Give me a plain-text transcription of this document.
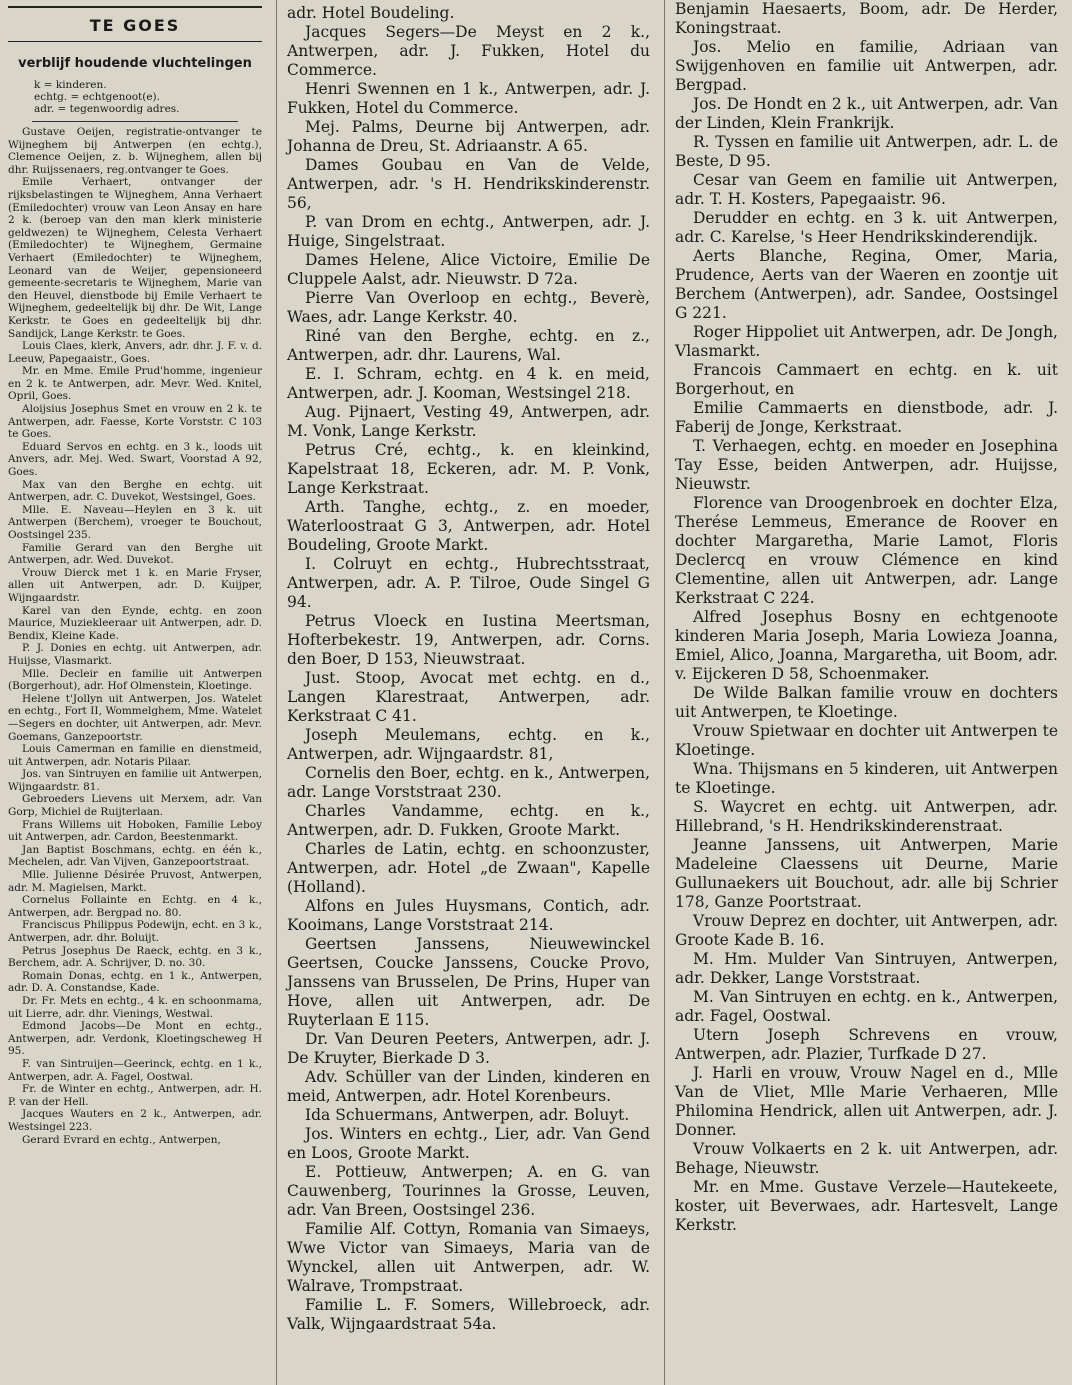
TE GOES
verblijf houdende vluchtelingen

k = kinderen.

echtg. = echtgenoot(e).

adr. = tegenwoordig adres.

Gustave Oeijen, registratie-ontvanger te Wijneghem bij Antwerpen (en echtg.), Clemence Oeijen, z. b. Wijneghem, allen bij dhr. Ruijssenaers, reg.ontvanger te Goes.

Emile Verhaert, ontvanger der rijksbelastingen te Wijneghem, Anna Verhaert (Emiledochter) vrouw van Leon Ansay en hare 2 k. (beroep van den man klerk ministerie geldwezen) te Wijneghem, Celesta Verhaert (Emiledochter) te Wijneghem, Germaine Verhaert (Emiledochter) te Wijneghem, Leonard van de Weijer, gepensioneerd gemeente-secretaris te Wijneghem, Marie van den Heuvel, dienstbode bij Emile Verhaert te Wijneghem, gedeeltelijk bij dhr. De Wit, Lange Kerkstr. te Goes en gedeeltelijk bij dhr. Sandijck, Lange Kerkstr. te Goes.

Louis Claes, klerk, Anvers, adr. dhr. J. F. v. d. Leeuw, Papegaaistr., Goes.

Mr. en Mme. Emile Prud'homme, ingenieur en 2 k. te Antwerpen, adr. Mevr. Wed. Knitel, Opril, Goes.

Aloijsius Josephus Smet en vrouw en 2 k. te Antwerpen, adr. Faesse, Korte Vorststr. C 103 te Goes.

Eduard Servos en echtg. en 3 k., loods uit Anvers, adr. Mej. Wed. Swart, Voorstad A 92, Goes.

Max van den Berghe en echtg. uit Antwerpen, adr. C. Duvekot, Westsingel, Goes.

Mlle. E. Naveau—Heylen en 3 k. uit Antwerpen (Berchem), vroeger te Bouchout, Oostsingel 235.

Familie Gerard van den Berghe uit Antwerpen, adr. Wed. Duvekot.

Vrouw Dierck met 1 k. en Marie Fryser, allen uit Antwerpen, adr. D. Kuijper, Wijngaardstr.

Karel van den Eynde, echtg. en zoon Maurice, Muziekleeraar uit Antwerpen, adr. D. Bendix, Kleine Kade.

P. J. Donies en echtg. uit Antwerpen, adr. Huijsse, Vlasmarkt.

Mlle. Decleir en familie uit Antwerpen (Borgerhout), adr. Hof Olmenstein, Kloetinge.

Helene t'Jollyn uit Antwerpen, Jos. Watelet en echtg., Fort II, Wommelghem, Mme. Watelet—Segers en dochter, uit Antwerpen, adr. Mevr. Goemans, Ganzepoortstr.

Louis Camerman en familie en dienstmeid, uit Antwerpen, adr. Notaris Pilaar.

Jos. van Sintruyen en familie uit Antwerpen, Wijngaardstr. 81.

Gebroeders Lievens uit Merxem, adr. Van Gorp, Michiel de Ruijterlaan.

Frans Willems uit Hoboken, Familie Leboy uit Antwerpen, adr. Cardon, Beestenmarkt.

Jan Baptist Boschmans, echtg. en één k., Mechelen, adr. Van Vijven, Ganzepoortstraat.

Mlle. Julienne Désirée Pruvost, Antwerpen, adr. M. Magielsen, Markt.

Cornelus Follainte en Echtg. en 4 k., Antwerpen, adr. Bergpad no. 80.

Franciscus Philippus Podewijn, echt. en 3 k., Antwerpen, adr. dhr. Boluijt.

Petrus Josephus De Raeck, echtg. en 3 k., Berchem, adr. A. Schrijver, D. no. 30.

Romain Donas, echtg. en 1 k., Antwerpen, adr. D. A. Constandse, Kade.

Dr. Fr. Mets en echtg., 4 k. en schoonmama, uit Lierre, adr. dhr. Vienings, Westwal.

Edmond Jacobs—De Mont en echtg., Antwerpen, adr. Verdonk, Kloetingscheweg H 95.

F. van Sintruijen—Geerinck, echtg. en 1 k., Antwerpen, adr. A. Fagel, Oostwal.

Fr. de Winter en echtg., Antwerpen, adr. H. P. van der Hell.

Jacques Wauters en 2 k., Antwerpen, adr. Westsingel 223.

Gerard Evrard en echtg., Antwerpen,

adr. Hotel Boudeling.

Jacques Segers—De Meyst en 2 k., Antwerpen, adr. J. Fukken, Hotel du Commerce.

Henri Swennen en 1 k., Antwerpen, adr. J. Fukken, Hotel du Commerce.

Mej. Palms, Deurne bij Antwerpen, adr. Johanna de Dreu, St. Adriaanstr. A 65.

Dames Goubau en Van de Velde, Antwerpen, adr. 's H. Hendrikskinderenstr. 56,

P. van Drom en echtg., Antwerpen, adr. J. Huige, Singelstraat.

Dames Helene, Alice Victoire, Emilie De Cluppele Aalst, adr. Nieuwstr. D 72a.

Pierre Van Overloop en echtg., Beverè, Waes, adr. Lange Kerkstr. 40.

Riné van den Berghe, echtg. en z., Antwerpen, adr. dhr. Laurens, Wal.

E. I. Schram, echtg. en 4 k. en meid, Antwerpen, adr. J. Kooman, Westsingel 218.

Aug. Pijnaert, Vesting 49, Antwerpen, adr. M. Vonk, Lange Kerkstr.

Petrus Cré, echtg., k. en kleinkind, Kapelstraat 18, Eckeren, adr. M. P. Vonk, Lange Kerkstraat.

Arth. Tanghe, echtg., z. en moeder, Waterloostraat G 3, Antwerpen, adr. Hotel Boudeling, Groote Markt.

I. Colruyt en echtg., Hubrechtsstraat, Antwerpen, adr. A. P. Tilroe, Oude Singel G 94.

Petrus Vloeck en Iustina Meertsman, Hofterbekestr. 19, Antwerpen, adr. Corns. den Boer, D 153, Nieuwstraat.

Just. Stoop, Avocat met echtg. en d., Langen Klarestraat, Antwerpen, adr. Kerkstraat C 41.

Joseph Meulemans, echtg. en k., Antwerpen, adr. Wijngaardstr. 81,

Cornelis den Boer, echtg. en k., Antwerpen, adr. Lange Vorststraat 230.

Charles Vandamme, echtg. en k., Antwerpen, adr. D. Fukken, Groote Markt.

Charles de Latin, echtg. en schoonzuster, Antwerpen, adr. Hotel „de Zwaan", Kapelle (Holland).

Alfons en Jules Huysmans, Contich, adr. Kooimans, Lange Vorststraat 214.

Geertsen Janssens, Nieuwewinckel Geertsen, Coucke Janssens, Coucke Provo, Janssens van Brusselen, De Prins, Huper van Hove, allen uit Antwerpen, adr. De Ruyterlaan E 115.

Dr. Van Deuren Peeters, Antwerpen, adr. J. De Kruyter, Bierkade D 3.

Adv. Schüller van der Linden, kinderen en meid, Antwerpen, adr. Hotel Korenbeurs.

Ida Schuermans, Antwerpen, adr. Boluyt.

Jos. Winters en echtg., Lier, adr. Van Gend en Loos, Groote Markt.

E. Pottieuw, Antwerpen; A. en G. van Cauwenberg, Tourinnes la Grosse, Leuven, adr. Van Breen, Oostsingel 236.

Familie Alf. Cottyn, Romania van Simaeys, Wwe Victor van Simaeys, Maria van de Wynckel, allen uit Antwerpen, adr. W. Walrave, Trompstraat.

Familie L. F. Somers, Willebroeck, adr. Valk, Wijngaardstraat 54a.

Benjamin Haesaerts, Boom, adr. De Herder, Koningstraat.

Jos. Melio en familie, Adriaan van Swijgenhoven en familie uit Antwerpen, adr. Bergpad.

Jos. De Hondt en 2 k., uit Antwerpen, adr. Van der Linden, Klein Frankrijk.

R. Tyssen en familie uit Antwerpen, adr. L. de Beste, D 95.

Cesar van Geem en familie uit Antwerpen, adr. T. H. Kosters, Papegaaistr. 96.

Derudder en echtg. en 3 k. uit Antwerpen, adr. C. Karelse, 's Heer Hendrikskinderendijk.

Aerts Blanche, Regina, Omer, Maria, Prudence, Aerts van der Waeren en zoontje uit Berchem (Antwerpen), adr. Sandee, Oostsingel G 221.

Roger Hippoliet uit Antwerpen, adr. De Jongh, Vlasmarkt.

Francois Cammaert en echtg. en k. uit Borgerhout, en

Emilie Cammaerts en dienstbode, adr. J. Faberij de Jonge, Kerkstraat.

T. Verhaegen, echtg. en moeder en Josephina Tay Esse, beiden Antwerpen, adr. Huijsse, Nieuwstr.

Florence van Droogenbroek en dochter Elza, Therése Lemmeus, Emerance de Roover en dochter Margaretha, Marie Lamot, Floris Declercq en vrouw Clémence en kind Clementine, allen uit Antwerpen, adr. Lange Kerkstraat C 224.

Alfred Josephus Bosny en echtgenoote kinderen Maria Joseph, Maria Lowieza Joanna, Emiel, Alico, Joanna, Margaretha, uit Boom, adr. v. Eijckeren D 58, Schoenmaker.

De Wilde Balkan familie vrouw en dochters uit Antwerpen, te Kloetinge.

Vrouw Spietwaar en dochter uit Antwerpen te Kloetinge.

Wna. Thijsmans en 5 kinderen, uit Antwerpen te Kloetinge.

S. Waycret en echtg. uit Antwerpen, adr. Hillebrand, 's H. Hendrikskinderenstraat.

Jeanne Janssens, uit Antwerpen, Marie Madeleine Claessens uit Deurne, Marie Gullunaekers uit Bouchout, adr. alle bij Schrier 178, Ganze Poortstraat.

Vrouw Deprez en dochter, uit Antwerpen, adr. Groote Kade B. 16.

M. Hm. Mulder Van Sintruyen, Antwerpen, adr. Dekker, Lange Vorststraat.

M. Van Sintruyen en echtg. en k., Antwerpen, adr. Fagel, Oostwal.

Utern Joseph Schrevens en vrouw, Antwerpen, adr. Plazier, Turfkade D 27.

J. Harli en vrouw, Vrouw Nagel en d., Mlle Van de Vliet, Mlle Marie Verhaeren, Mlle Philomina Hendrick, allen uit Antwerpen, adr. J. Donner.

Vrouw Volkaerts en 2 k. uit Antwerpen, adr. Behage, Nieuwstr.

Mr. en Mme. Gustave Verzele—Hautekeete, koster, uit Beverwaes, adr. Hartesvelt, Lange Kerkstr.
